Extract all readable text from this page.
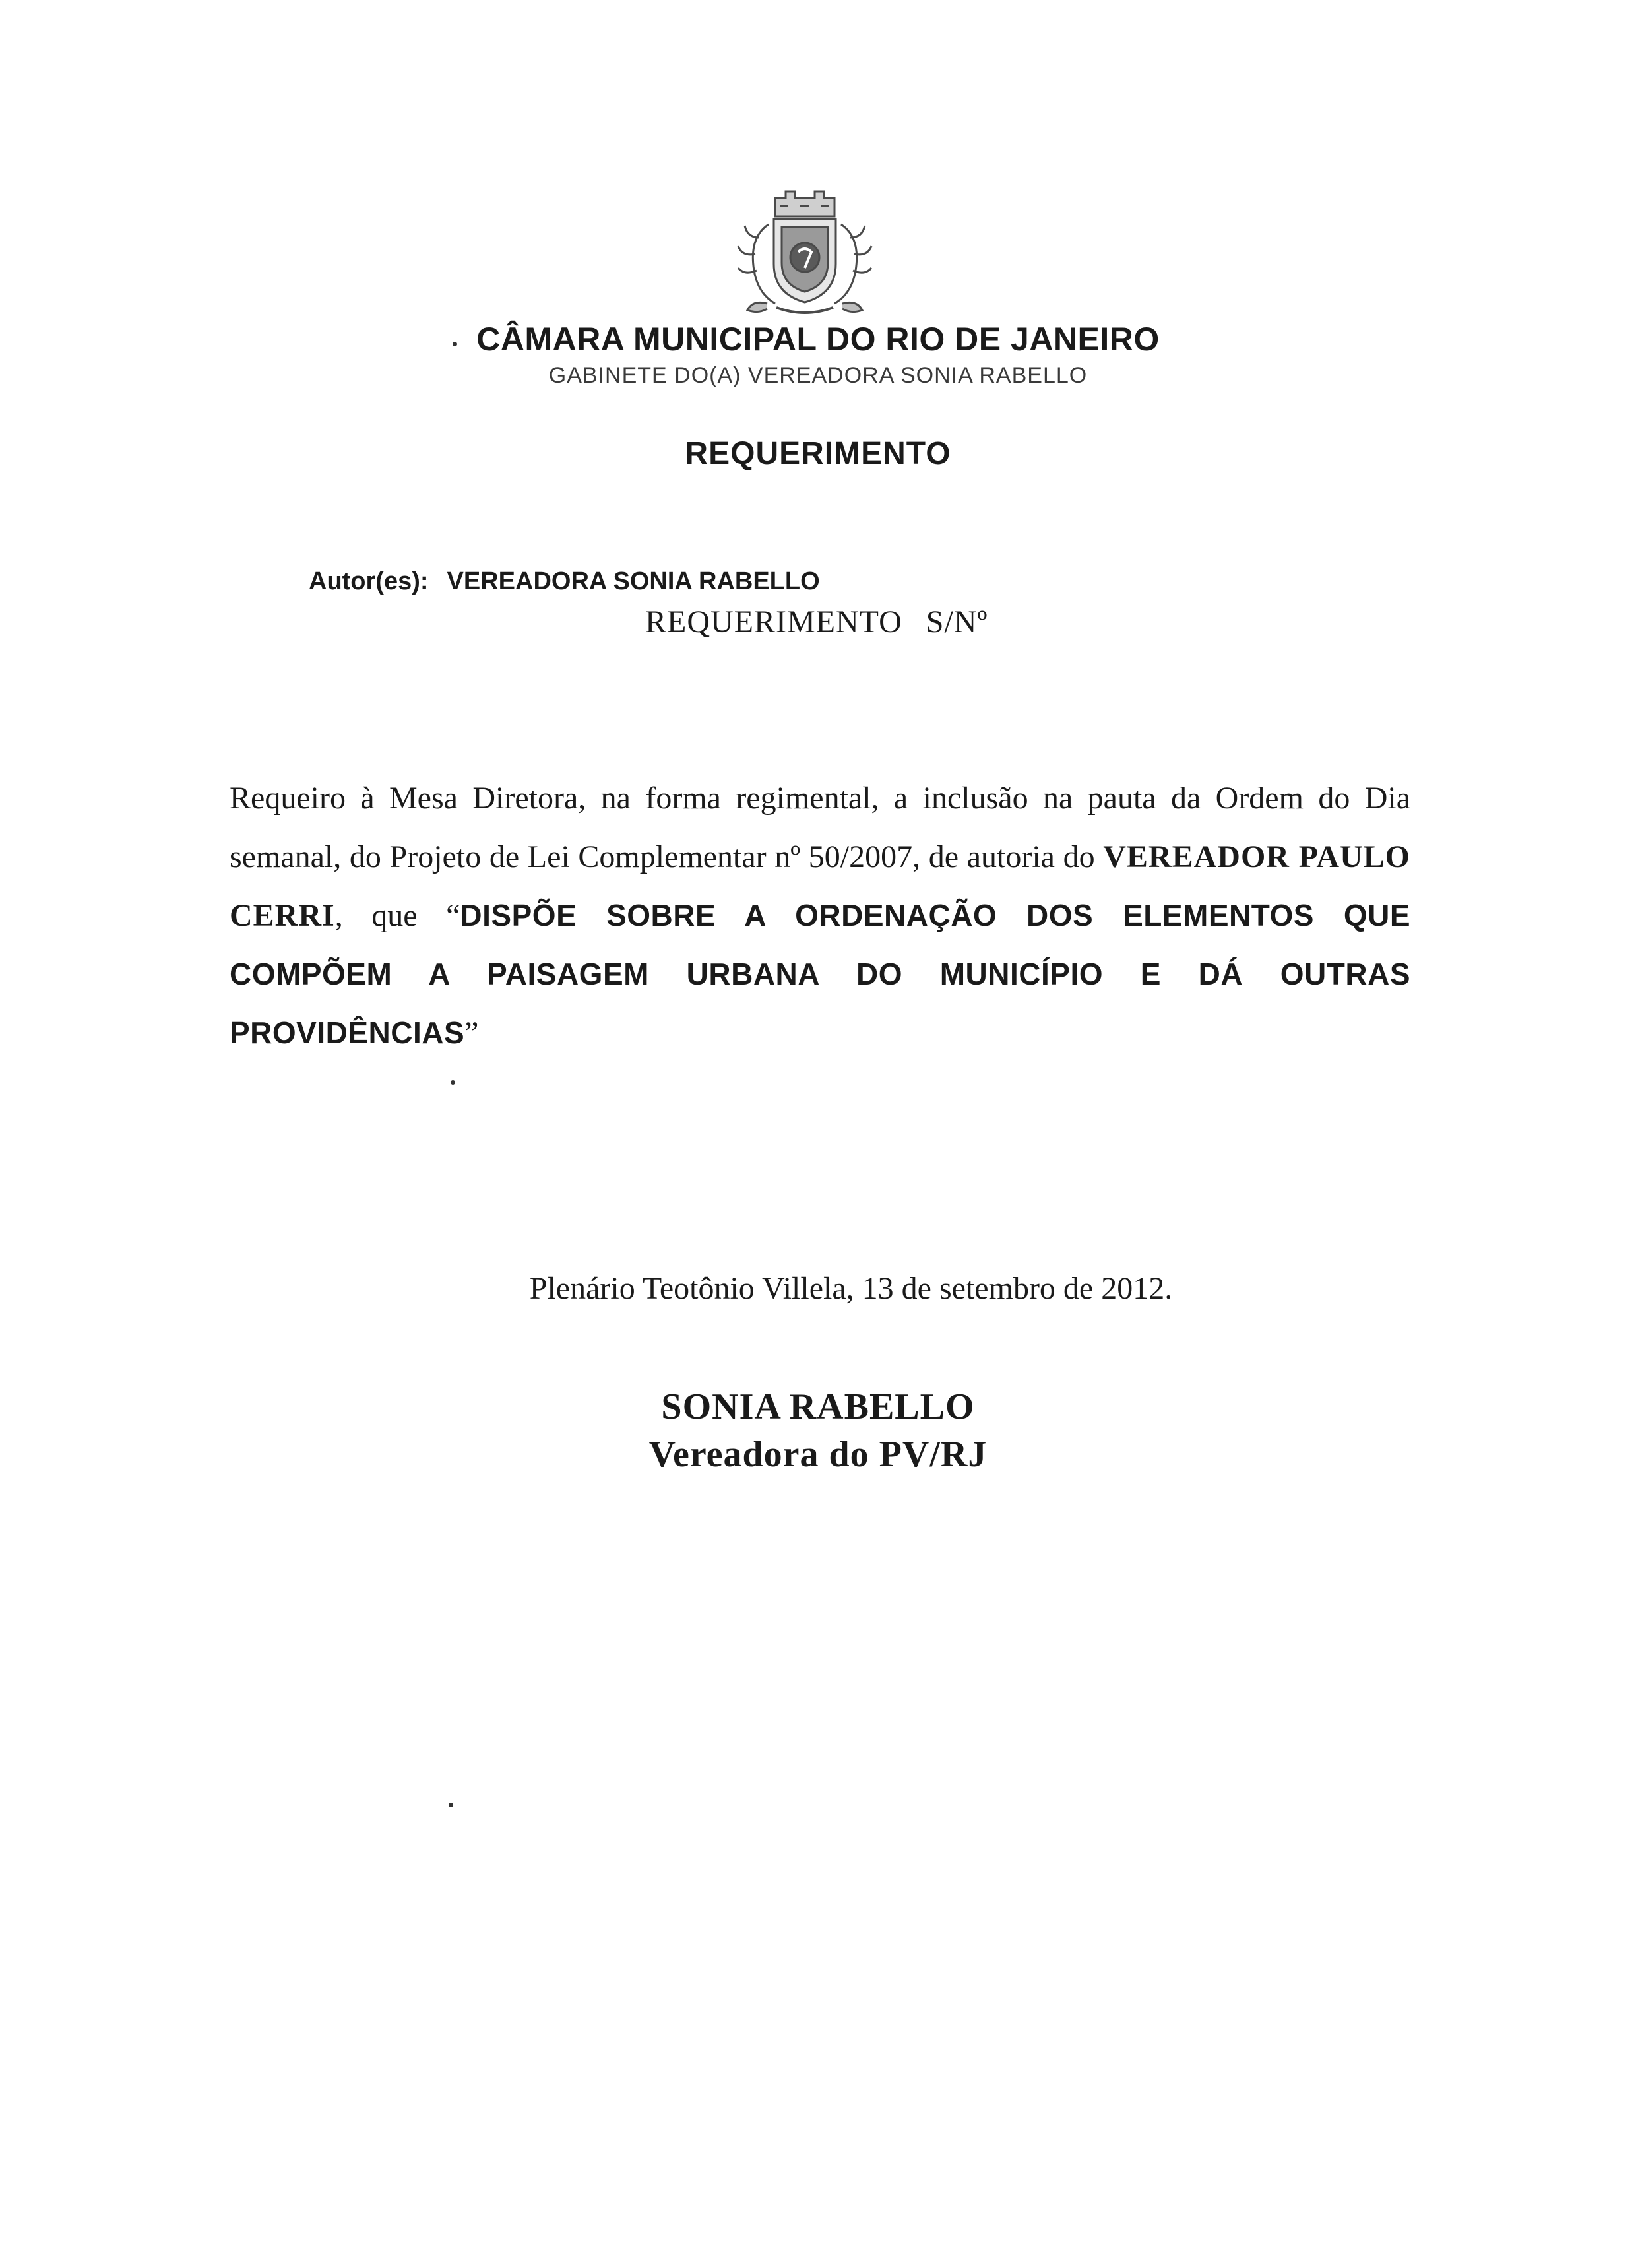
CÂMARA MUNICIPAL DO RIO DE JANEIRO
GABINETE DO(A) VEREADORA SONIA RABELLO
REQUERIMENTO
Autor(es): VEREADORA SONIA RABELLO
REQUERIMENTO S/Nº
Requeiro à Mesa Diretora, na forma regimental, a inclusão na pauta da Ordem do Dia semanal, do Projeto de Lei Complementar nº 50/2007, de autoria do VEREADOR PAULO CERRI, que “DISPÕE SOBRE A ORDENAÇÃO DOS ELEMENTOS QUE COMPÕEM A PAISAGEM URBANA DO MUNICÍPIO E DÁ OUTRAS PROVIDÊNCIAS”
Plenário Teotônio Villela, 13 de setembro de 2012.
SONIA RABELLO
Vereadora do PV/RJ
